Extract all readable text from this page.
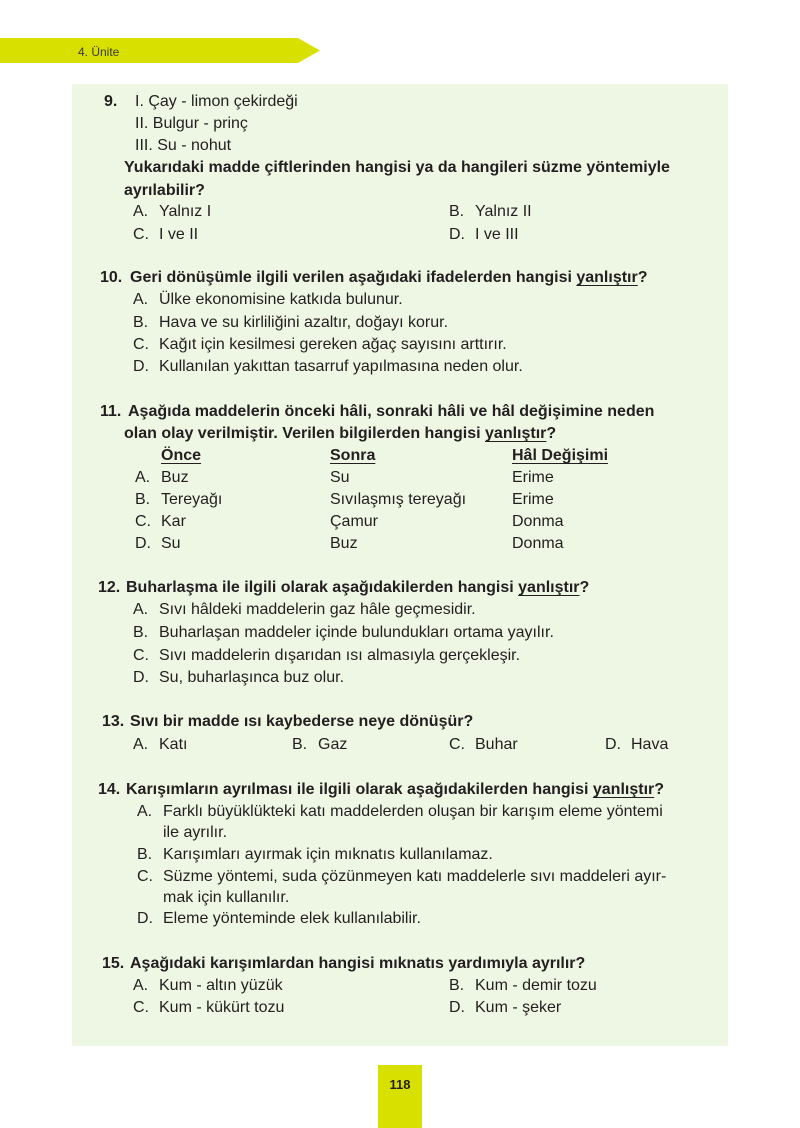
4. Ünite
9. I. Çay - limon çekirdeği
II. Bulgur - prinç
III. Su - nohut
Yukarıdaki madde çiftlerinden hangisi ya da hangileri süzme yöntemiyle ayrılabilir?
A. Yalnız I	B. Yalnız II
C. I ve II	D. I ve III
10. Geri dönüşümle ilgili verilen aşağıdaki ifadelerden hangisi yanlıştır?
A. Ülke ekonomisine katkıda bulunur.
B. Hava ve su kirliliğini azaltır, doğayı korur.
C. Kağıt için kesilmesi gereken ağaç sayısını arttırır.
D. Kullanılan yakıttan tasarruf yapılmasına neden olur.
11. Aşağıda maddelerin önceki hâli, sonraki hâli ve hâl değişimine neden
olan olay verilmiştir. Verilen bilgilerden hangisi yanlıştır?
Önce	Sonra	Hâl Değişimi
A. Buz	Su	Erime
B. Tereyağı	Sıvılaşmış tereyağı	Erime
C. Kar	Çamur	Donma
D. Su	Buz	Donma
12. Buharlaşma ile ilgili olarak aşağıdakilerden hangisi yanlıştır?
A. Sıvı hâldeki maddelerin gaz hâle geçmesidir.
B. Buharlaşan maddeler içinde bulundukları ortama yayılır.
C. Sıvı maddelerin dışarıdan ısı almasıyla gerçekleşir.
D. Su, buharlaşınca buz olur.
13. Sıvı bir madde ısı kaybederse neye dönüşür?
A. Katı	B. Gaz	C. Buhar	D. Hava
14. Karışımların ayrılması ile ilgili olarak aşağıdakilerden hangisi yanlıştır?
A. Farklı büyüklükteki katı maddelerden oluşan bir karışım eleme yöntemi
ile ayrılır.
B. Karışımları ayırmak için mıknatıs kullanılamaz.
C. Süzme yöntemi, suda çözünmeyen katı maddelerle sıvı maddeleri ayır-
mak için kullanılır.
D. Eleme yönteminde elek kullanılabilir.
15. Aşağıdaki karışımlardan hangisi mıknatıs yardımıyla ayrılır?
A. Kum - altın yüzük	B. Kum - demir tozu
C. Kum - kükürt tozu	D. Kum - şeker
118
